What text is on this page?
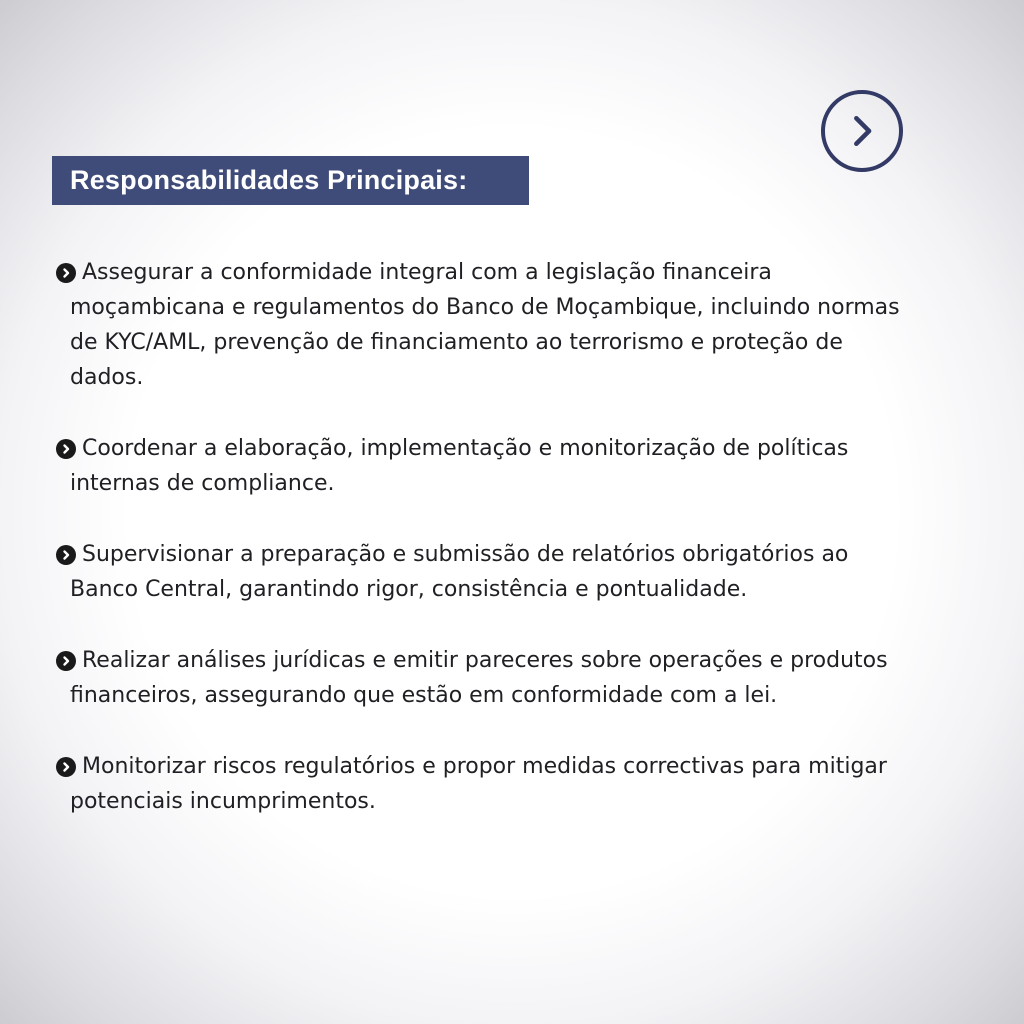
Responsabilidades Principais:
Assegurar a conformidade integral com a legislação financeira moçambicana e regulamentos do Banco de Moçambique, incluindo normas de KYC/AML, prevenção de financiamento ao terrorismo e proteção de dados.
Coordenar a elaboração, implementação e monitorização de políticas internas de compliance.
Supervisionar a preparação e submissão de relatórios obrigatórios ao Banco Central, garantindo rigor, consistência e pontualidade.
Realizar análises jurídicas e emitir pareceres sobre operações e produtos financeiros, assegurando que estão em conformidade com a lei.
Monitorizar riscos regulatórios e propor medidas correctivas para mitigar potenciais incumprimentos.
